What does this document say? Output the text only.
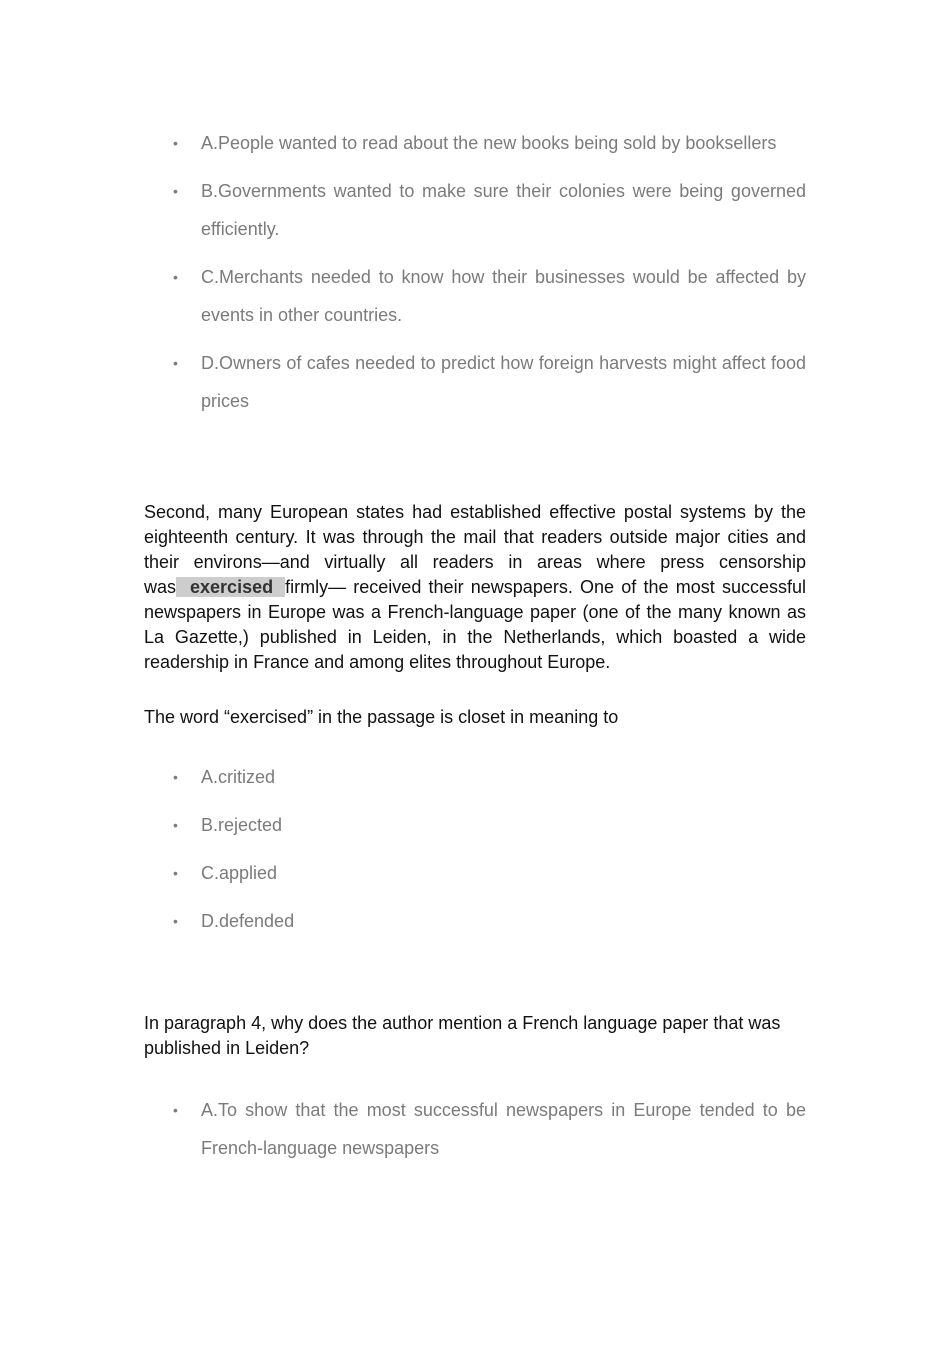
• A.People wanted to read about the new books being sold by booksellers
• B.Governments wanted to make sure their colonies were being governed efficiently.
• C.Merchants needed to know how their businesses would be affected by events in other countries.
• D.Owners of cafes needed to predict how foreign harvests might affect food prices

Second, many European states had established effective postal systems by the eighteenth century. It was through the mail that readers outside major cities and their environs—and virtually all readers in areas where press censorship was exercised firmly— received their newspapers. One of the most successful newspapers in Europe was a French-language paper (one of the many known as La Gazette,) published in Leiden, in the Netherlands, which boasted a wide readership in France and among elites throughout Europe.

The word “exercised” in the passage is closet in meaning to

• A.critized
• B.rejected
• C.applied
• D.defended

In paragraph 4, why does the author mention a French language paper that was published in Leiden?

• A.To show that the most successful newspapers in Europe tended to be French-language newspapers
